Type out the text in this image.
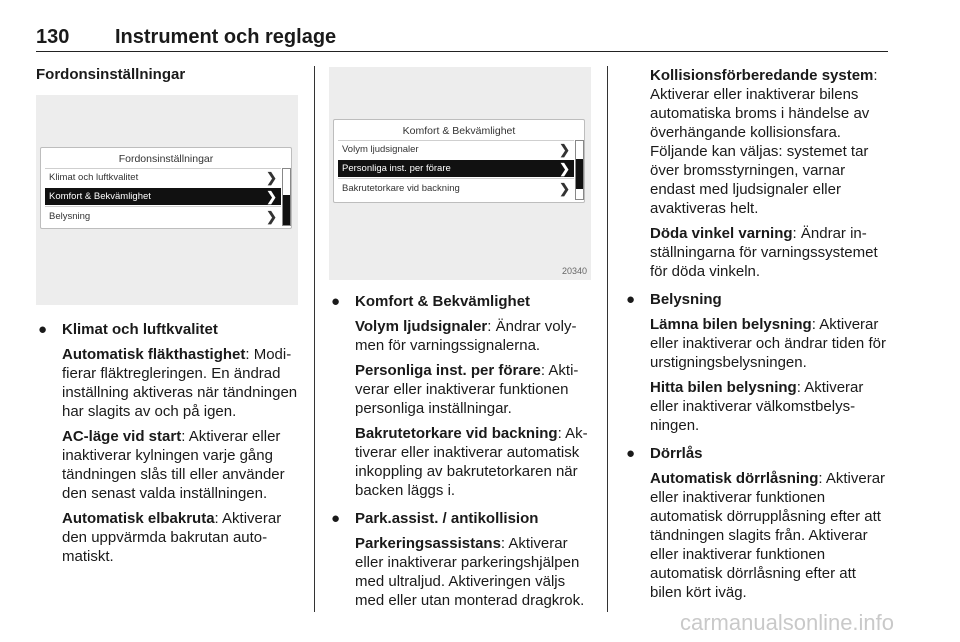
130 Instrument och reglage
Fordonsinställningar
Fordonsinställningar
Klimat och luftkvalitet	❯
Komfort & Bekvämlighet	❯
Belysning	❯
Komfort & Bekvämlighet
Volym ljudsignaler	❯
Personliga inst. per förare	❯
Bakrutetorkare vid backning	❯
20340
● Klimat och luftkvalitet
Automatisk fläkthastighet: Modifierar fläktregleringen. En ändrad inställning aktiveras när tändningen har slagits av och på igen.
AC-läge vid start: Aktiverar eller inaktiverar kylningen varje gång tändningen slås till eller använder den senast valda inställningen.
Automatisk elbakruta: Aktiverar den uppvärmda bakrutan automatiskt.
● Komfort & Bekvämlighet
Volym ljudsignaler: Ändrar volymen för varningssignalerna.
Personliga inst. per förare: Aktiverar eller inaktiverar funktionen personliga inställningar.
Bakrutetorkare vid backning: Aktiverar eller inaktiverar automatisk inkoppling av bakrutetorkaren när backen läggs i.
● Park.assist. / antikollision
Parkeringsassistans: Aktiverar eller inaktiverar parkeringshjälpen med ultraljud. Aktiveringen väljs med eller utan monterad dragkrok.
Kollisionsförberedande system: Aktiverar eller inaktiverar bilens automatiska broms i händelse av överhängande kollisionsfara. Följande kan väljas: systemet tar över bromsstyrningen, varnar endast med ljudsignaler eller avaktiveras helt.
Döda vinkel varning: Ändrar inställningarna för varningssystemet för döda vinkeln.
● Belysning
Lämna bilen belysning: Aktiverar eller inaktiverar och ändrar tiden för urstigningsbelysningen.
Hitta bilen belysning: Aktiverar eller inaktiverar välkomstbelysningen.
● Dörrlås
Automatisk dörrlåsning: Aktiverar eller inaktiverar funktionen automatisk dörrupplåsning efter att tändningen slagits från. Aktiverar eller inaktiverar funktionen automatisk dörrlåsning efter att bilen kört iväg.
carmanualsonline.info
